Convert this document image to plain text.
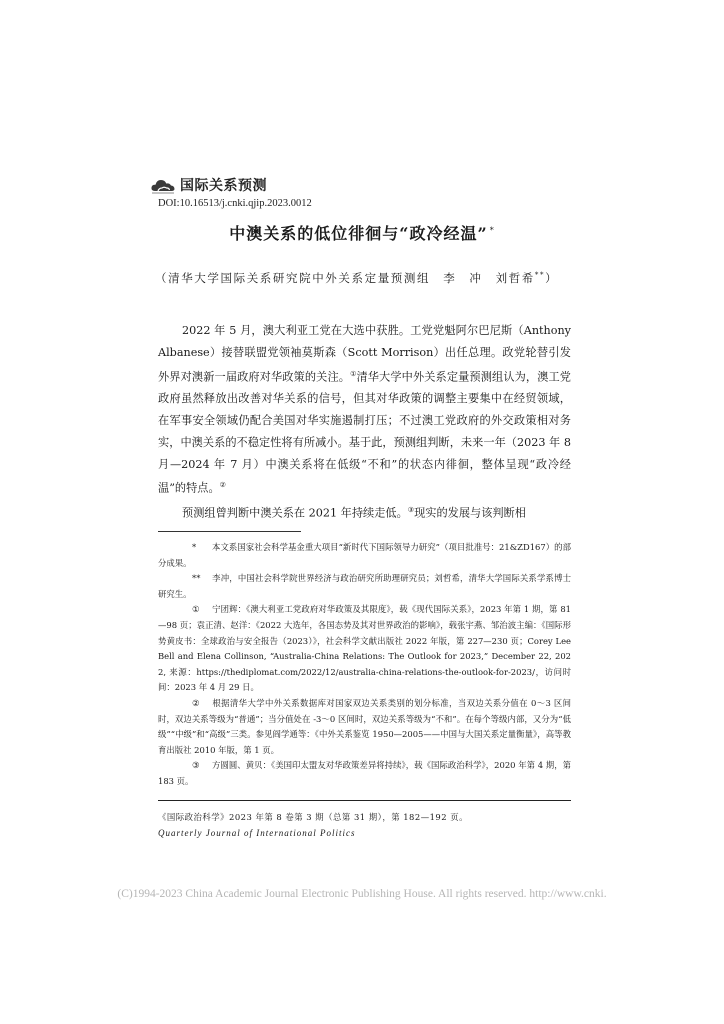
国际关系预测
DOI:10.16513/j.cnki.qjip.2023.0012
中澳关系的低位徘徊与“政冷经温” *
（清华大学国际关系研究院中外关系定量预测组　李　冲　刘哲希**）

2022 年 5 月，澳大利亚工党在大选中获胜。工党党魁阿尔巴尼斯（Anthony Albanese）接替联盟党领袖莫斯森（Scott Morrison）出任总理。政党轮替引发外界对澳新一届政府对华政策的关注。①清华大学中外关系定量预测组认为，澳工党政府虽然释放出改善对华关系的信号，但其对华政策的调整主要集中在经贸领域，在军事安全领域仍配合美国对华实施遏制打压；不过澳工党政府的外交政策相对务实，中澳关系的不稳定性将有所减小。基于此，预测组判断，未来一年（2023 年 8 月—2024 年 7 月）中澳关系将在低级“不和”的状态内徘徊，整体呈现“政冷经温”的特点。②

预测组曾判断中澳关系在 2021 年持续走低。③现实的发展与该判断相

* 本文系国家社会科学基金重大项目“新时代下国际领导力研究”（项目批准号：21&ZD167）的部分成果。

** 李冲，中国社会科学院世界经济与政治研究所助理研究员；刘哲希，清华大学国际关系学系博士研究生。

① 宁团辉：《澳大利亚工党政府对华政策及其限度》，载《现代国际关系》，2023 年第 1 期，第 81—98 页；袁正清、赵洋：《2022 大选年，各国态势及其对世界政治的影响》，载张宇燕、邹治波主编：《国际形势黄皮书：全球政治与安全报告（2023）》，社会科学文献出版社 2022 年版，第 227—230 页；Corey Lee Bell and Elena Collinson, “Australia-China Relations: The Outlook for 2023,” December 22, 2022, 来源：https://thediplomat.com/2022/12/australia-china-relations-the-outlook-for-2023/，访问时间：2023 年 4 月 29 日。

② 根据清华大学中外关系数据库对国家双边关系类别的划分标准，当双边关系分值在 0～3 区间时，双边关系等级为“普通”；当分值处在 -3～0 区间时，双边关系等级为“不和”。在每个等级内部，又分为“低级”“中级”和“高级”三类。参见阎学通等：《中外关系鉴览 1950—2005——中国与大国关系定量衡量》，高等教育出版社 2010 年版，第 1 页。

③ 方圆圆、黄贝：《美国印太盟友对华政策差异将持续》，载《国际政治科学》，2020 年第 4 期，第 183 页。

《国际政治科学》2023 年第 8 卷第 3 期（总第 31 期），第 182—192 页。
Quarterly Journal of International Politics
(C)1994-2023 China Academic Journal Electronic Publishing House. All rights reserved. http://www.cnki.
